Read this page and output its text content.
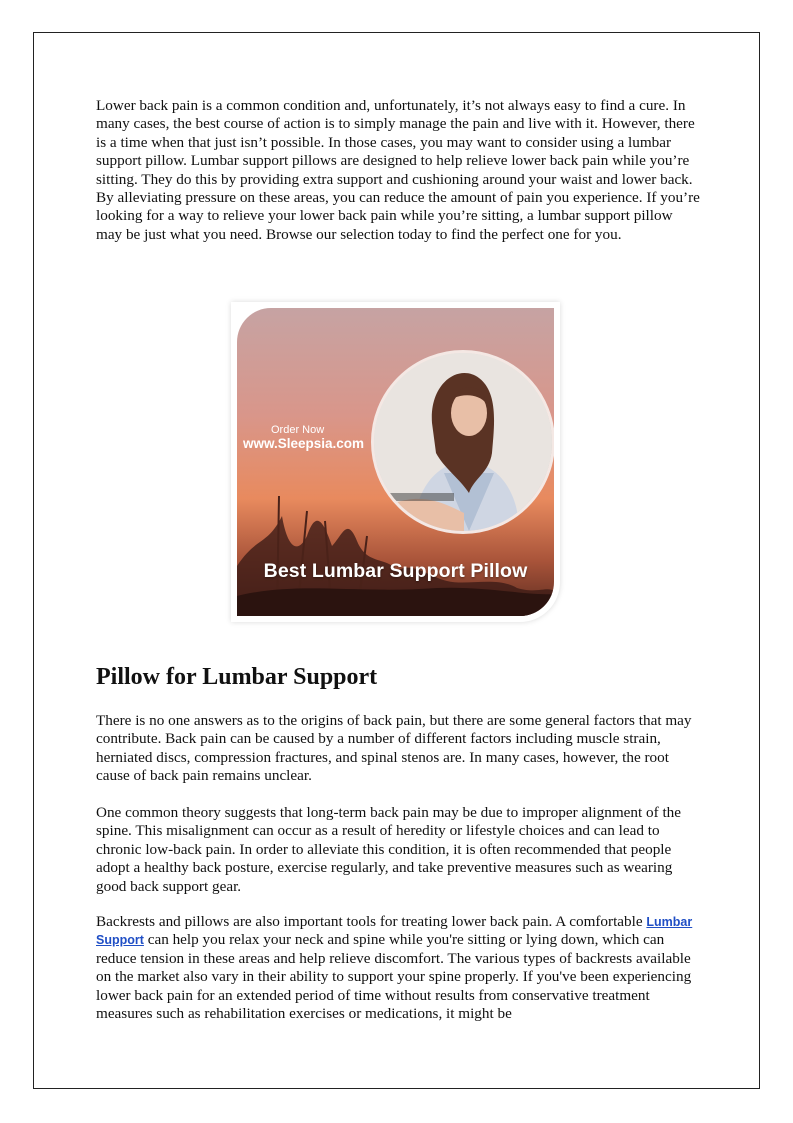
Lower back pain is a common condition and, unfortunately, it’s not always easy to find a cure. In many cases, the best course of action is to simply manage the pain and live with it. However, there is a time when that just isn’t possible. In those cases, you may want to consider using a lumbar support pillow. Lumbar support pillows are designed to help relieve lower back pain while you’re sitting. They do this by providing extra support and cushioning around your waist and lower back. By alleviating pressure on these areas, you can reduce the amount of pain you experience. If you’re looking for a way to relieve your lower back pain while you’re sitting, a lumbar support pillow may be just what you need. Browse our selection today to find the perfect one for you.

Order Now
www.Sleepsia.com
Best Lumbar Support Pillow
Pillow for Lumbar Support

There is no one answers as to the origins of back pain, but there are some general factors that may contribute. Back pain can be caused by a number of different factors including muscle strain, herniated discs, compression fractures, and spinal stenos are. In many cases, however, the root cause of back pain remains unclear.

One common theory suggests that long-term back pain may be due to improper alignment of the spine. This misalignment can occur as a result of heredity or lifestyle choices and can lead to chronic low-back pain. In order to alleviate this condition, it is often recommended that people adopt a healthy back posture, exercise regularly, and take preventive measures such as wearing good back support gear.

Backrests and pillows are also important tools for treating lower back pain. A comfortable Lumbar Support can help you relax your neck and spine while you're sitting or lying down, which can reduce tension in these areas and help relieve discomfort. The various types of backrests available on the market also vary in their ability to support your spine properly. If you've been experiencing lower back pain for an extended period of time without results from conservative treatment measures such as rehabilitation exercises or medications, it might be
